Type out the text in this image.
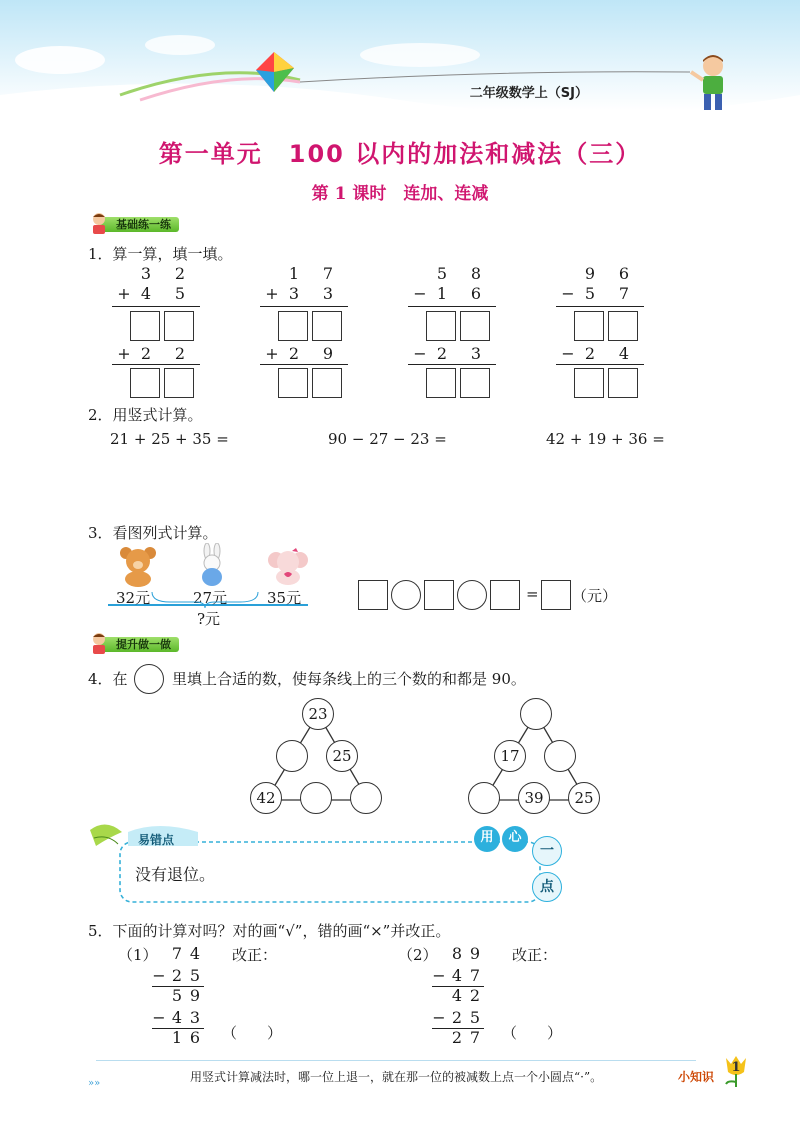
二年级数学上（SJ）
第一单元　100 以内的加法和减法（三）
第 1 课时　连加、连减
基础练一练
1．算一算，填一填。
3	2
+ 4	5
+ 2	2
1	7
+ 3	3
+ 2	9
5	8
− 1	6
− 2	3
9	6
− 5	7
− 2	4
2．用竖式计算。
21 + 25 + 35 =	90 − 27 − 23 =	42 + 19 + 36 =
3．看图列式计算。
32元	27元	35元
?元
= （元）
提升做一做
4．在	里填上合适的数，使每条线上的三个数的和都是 90。
23
25
42
17
39	25
易错点
没有退位。
用	心
一
点
5．下面的计算对吗？对的画“√”，错的画“×”并改正。
（1）	改正：
（　　）
（2）	改正：
（　　）
7 4
− 2 5
5 9
− 4 3
1 6
8 9
− 4 7
4 2
− 2 5
2 7
»»	用竖式计算减法时，哪一位上退一，就在那一位的被减数上点一个小圆点“·”。	小知识
1
